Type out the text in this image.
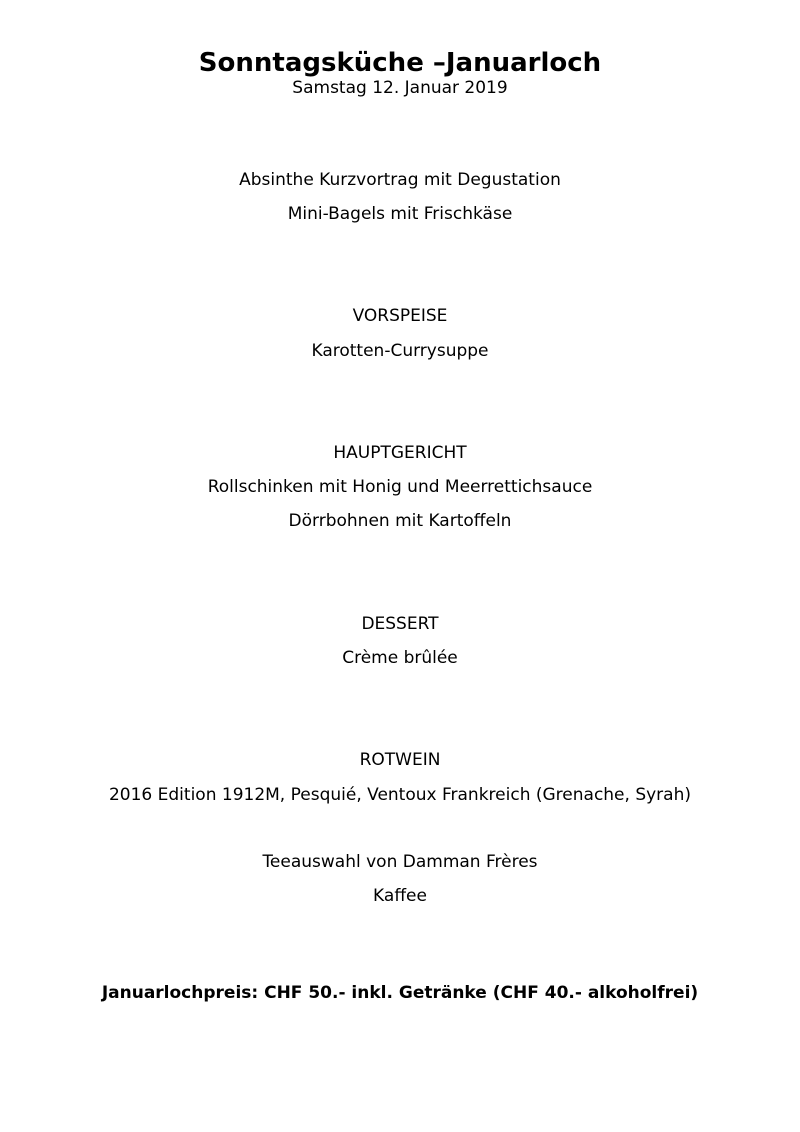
Sonntagsküche –Januarloch

Samstag 12. Januar 2019

Absinthe Kurzvortrag mit Degustation

Mini-Bagels mit Frischkäse

VORSPEISE

Karotten-Currysuppe

HAUPTGERICHT

Rollschinken mit Honig und Meerrettichsauce

Dörrbohnen mit Kartoffeln

DESSERT

Crème brûlée

ROTWEIN

2016 Edition 1912M, Pesquié, Ventoux Frankreich (Grenache, Syrah)

Teeauswahl von Damman Frères

Kaffee

Januarlochpreis: CHF 50.- inkl. Getränke (CHF 40.- alkoholfrei)
